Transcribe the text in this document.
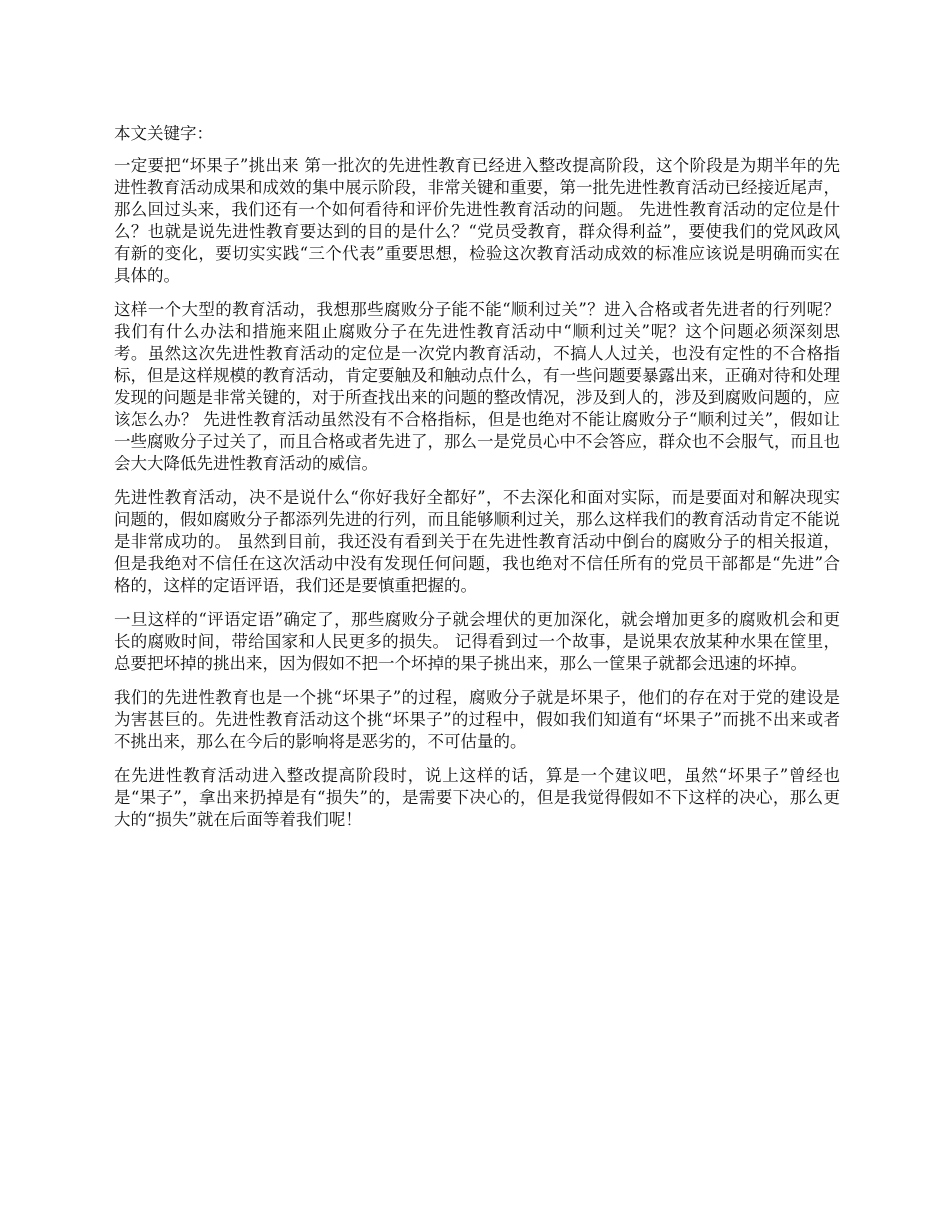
本文关键字：

一定要把“坏果子”挑出来 第一批次的先进性教育已经进入整改提高阶段，这个阶段是为期半年的先进性教育活动成果和成效的集中展示阶段，非常关键和重要，第一批先进性教育活动已经接近尾声，那么回过头来，我们还有一个如何看待和评价先进性教育活动的问题。 先进性教育活动的定位是什么？也就是说先进性教育要达到的目的是什么？“党员受教育，群众得利益”，要使我们的党风政风有新的变化，要切实实践“三个代表”重要思想，检验这次教育活动成效的标准应该说是明确而实在具体的。

这样一个大型的教育活动，我想那些腐败分子能不能“顺利过关”？进入合格或者先进者的行列呢？我们有什么办法和措施来阻止腐败分子在先进性教育活动中“顺利过关”呢？这个问题必须深刻思考。虽然这次先进性教育活动的定位是一次党内教育活动，不搞人人过关，也没有定性的不合格指标，但是这样规模的教育活动，肯定要触及和触动点什么，有一些问题要暴露出来，正确对待和处理发现的问题是非常关键的，对于所查找出来的问题的整改情况，涉及到人的，涉及到腐败问题的，应该怎么办？ 先进性教育活动虽然没有不合格指标，但是也绝对不能让腐败分子“顺利过关”，假如让一些腐败分子过关了，而且合格或者先进了，那么一是党员心中不会答应，群众也不会服气，而且也会大大降低先进性教育活动的威信。

先进性教育活动，决不是说什么“你好我好全都好”，不去深化和面对实际，而是要面对和解决现实问题的，假如腐败分子都添列先进的行列，而且能够顺利过关，那么这样我们的教育活动肯定不能说是非常成功的。 虽然到目前，我还没有看到关于在先进性教育活动中倒台的腐败分子的相关报道，但是我绝对不信任在这次活动中没有发现任何问题，我也绝对不信任所有的党员干部都是“先进”合格的，这样的定语评语，我们还是要慎重把握的。

一旦这样的“评语定语”确定了，那些腐败分子就会埋伏的更加深化，就会增加更多的腐败机会和更长的腐败时间，带给国家和人民更多的损失。 记得看到过一个故事，是说果农放某种水果在筐里，总要把坏掉的挑出来，因为假如不把一个坏掉的果子挑出来，那么一筐果子就都会迅速的坏掉。

我们的先进性教育也是一个挑“坏果子”的过程，腐败分子就是坏果子，他们的存在对于党的建设是为害甚巨的。先进性教育活动这个挑“坏果子”的过程中，假如我们知道有“坏果子”而挑不出来或者不挑出来，那么在今后的影响将是恶劣的，不可估量的。

在先进性教育活动进入整改提高阶段时，说上这样的话，算是一个建议吧，虽然“坏果子”曾经也是“果子”，拿出来扔掉是有“损失”的，是需要下决心的，但是我觉得假如不下这样的决心，那么更大的“损失”就在后面等着我们呢！
